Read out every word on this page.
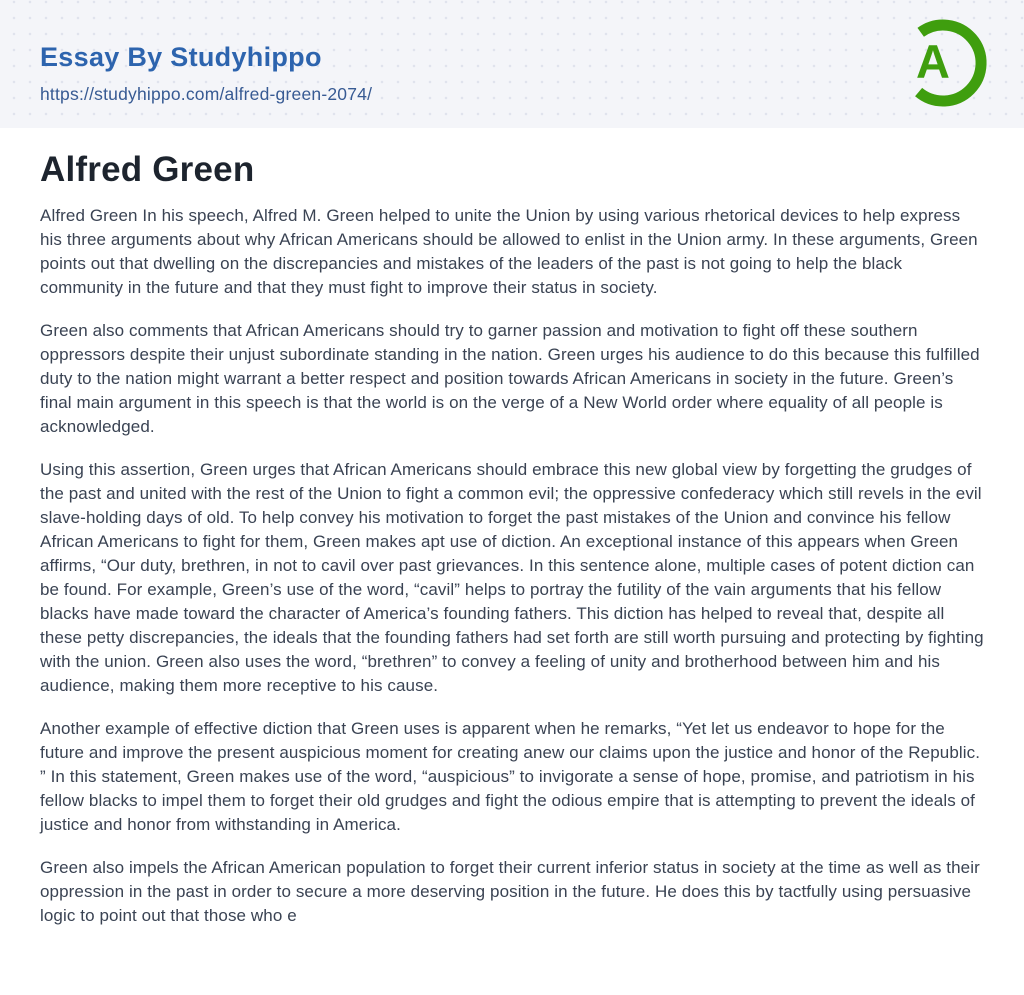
Essay By Studyhippo
https://studyhippo.com/alfred-green-2074/
A
Alfred Green

Alfred Green In his speech, Alfred M. Green helped to unite the Union by using various rhetorical devices to help express his three arguments about why African Americans should be allowed to enlist in the Union army. In these arguments, Green points out that dwelling on the discrepancies and mistakes of the leaders of the past is not going to help the black community in the future and that they must fight to improve their status in society.

Green also comments that African Americans should try to garner passion and motivation to fight off these southern oppressors despite their unjust subordinate standing in the nation. Green urges his audience to do this because this fulfilled duty to the nation might warrant a better respect and position towards African Americans in society in the future. Green’s final main argument in this speech is that the world is on the verge of a New World order where equality of all people is acknowledged.

Using this assertion, Green urges that African Americans should embrace this new global view by forgetting the grudges of the past and united with the rest of the Union to fight a common evil; the oppressive confederacy which still revels in the evil slave-holding days of old. To help convey his motivation to forget the past mistakes of the Union and convince his fellow African Americans to fight for them, Green makes apt use of diction. An exceptional instance of this appears when Green affirms, “Our duty, brethren, in not to cavil over past grievances. In this sentence alone, multiple cases of potent diction can be found. For example, Green’s use of the word, “cavil” helps to portray the futility of the vain arguments that his fellow blacks have made toward the character of America’s founding fathers. This diction has helped to reveal that, despite all these petty discrepancies, the ideals that the founding fathers had set forth are still worth pursuing and protecting by fighting with the union. Green also uses the word, “brethren” to convey a feeling of unity and brotherhood between him and his audience, making them more receptive to his cause.

Another example of effective diction that Green uses is apparent when he remarks, “Yet let us endeavor to hope for the future and improve the present auspicious moment for creating anew our claims upon the justice and honor of the Republic. ” In this statement, Green makes use of the word, “auspicious” to invigorate a sense of hope, promise, and patriotism in his fellow blacks to impel them to forget their old grudges and fight the odious empire that is attempting to prevent the ideals of justice and honor from withstanding in America.

Green also impels the African American population to forget their current inferior status in society at the time as well as their oppression in the past in order to secure a more deserving position in the future. He does this by tactfully using persuasive logic to point out that those who e
